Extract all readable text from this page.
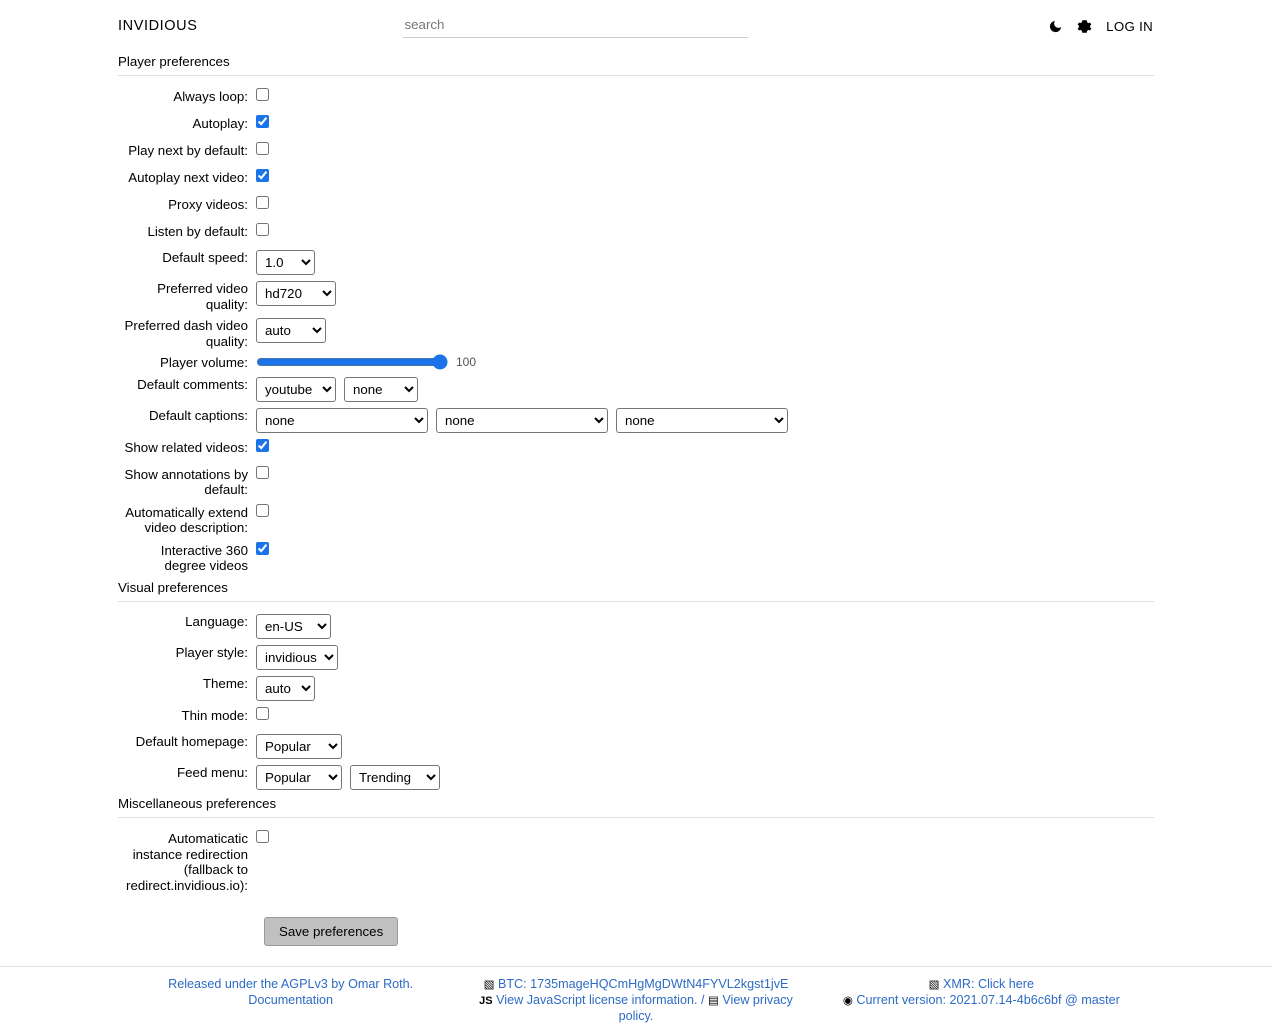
INVIDIOUS
search	LOG IN
Player preferences
Always loop:
Autoplay:
Play next by default:
Autoplay next video:
Proxy videos:
Listen by default:
Default speed:
1.0
Preferred video quality:
hd720
Preferred dash video quality:
auto
Player volume:	100
Default comments:
youtube
none
Default captions:
none
none
none
Show related videos:
Show annotations by default:
Automatically extend video description:
Interactive 360 degree videos
Visual preferences
Language:
en-US
Player style:
invidious
Theme:
auto
Thin mode:
Default homepage:
Popular
Feed menu:
Popular
Trending
Miscellaneous preferences
Automaticatic instance redirection (fallback to redirect.invidious.io):
Save preferences
Released under the AGPLv3 by Omar Roth.
Documentation
▧ BTC: 1735mageHQCmHgMgDWtN4FYVL2kgst1jvE
JS View JavaScript license information. / ▤ View privacy policy.
▧ XMR: Click here
◉ Current version: 2021.07.14-4b6c6bf @ master
